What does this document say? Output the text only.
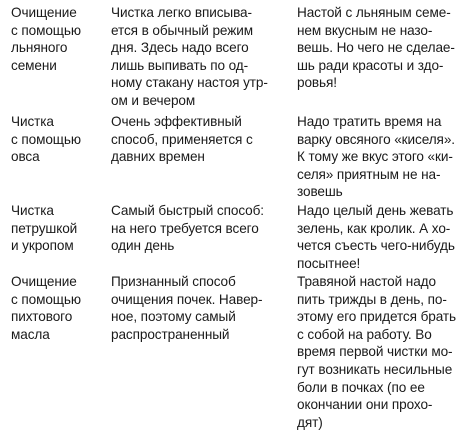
Очищение
с помощью
льняного
семени
Чистка легко вписыва-
ется в обычный режим
дня. Здесь надо всего
лишь выпивать по од-
ному стакану настоя утр-
ом и вечером
Настой с льняным семе-
нем вкусным не назо-
вешь. Но чего не сделае-
шь ради красоты и здо-
ровья!
Чистка
с помощью
овса
Очень эффективный
способ, применяется с
давних времен
Надо тратить время на
варку овсяного «киселя».
К тому же вкус этого «ки-
селя» приятным не на-
зовешь
Чистка
петрушкой
и укропом
Самый быстрый способ:
на него требуется всего
один день
Надо целый день жевать
зелень, как кролик. А хо-
чется съесть чего-нибудь
посытнее!
Очищение
с помощью
пихтового
масла
Признанный способ
очищения почек. Навер-
ное, поэтому самый
распространенный
Травяной настой надо
пить трижды в день, по-
этому его придется брать
с собой на работу. Во
время первой чистки мо-
гут возникать несильные
боли в почках (по ее
окончании они прохо-
дят)
